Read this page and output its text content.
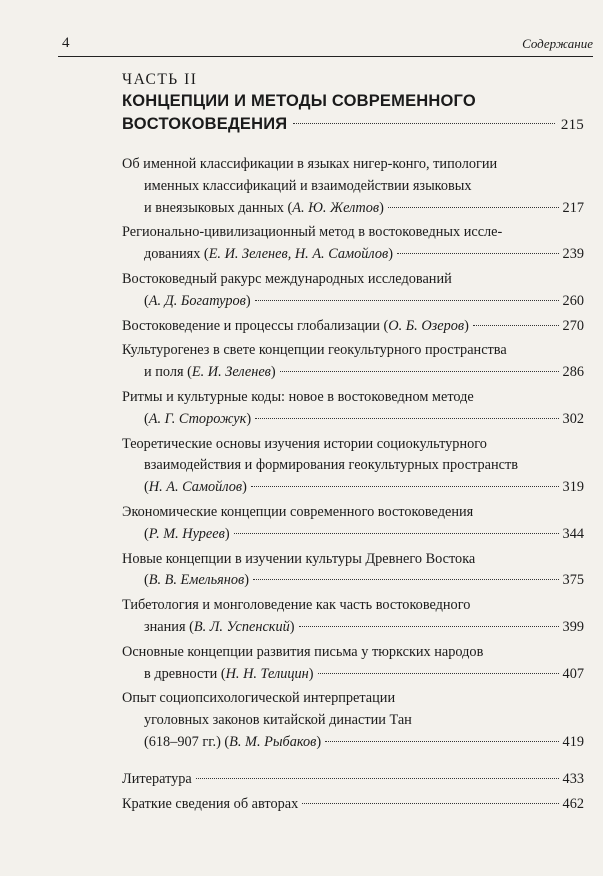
4	Содержание
ЧАСТЬ II
КОНЦЕПЦИИ И МЕТОДЫ СОВРЕМЕННОГО
ВОСТОКОВЕДЕНИЯ	215
Об именной классификации в языках нигер-конго, типологии
именных классификаций и взаимодействии языковых
и внеязыковых данных (А. Ю. Желтов)	217
Регионально-цивилизационный метод в востоковедных иссле-
дованиях (Е. И. Зеленев, Н. А. Самойлов)	239
Востоковедный ракурс международных исследований
(А. Д. Богатуров)	260
Востоковедение и процессы глобализации (О. Б. Озеров)	270
Культурогенез в свете концепции геокультурного пространства
и поля (Е. И. Зеленев)	286
Ритмы и культурные коды: новое в востоковедном методе
(А. Г. Сторожук)	302
Теоретические основы изучения истории социокультурного
взаимодействия и формирования геокультурных пространств
(Н. А. Самойлов)	319
Экономические концепции современного востоковедения
(Р. М. Нуреев)	344
Новые концепции в изучении культуры Древнего Востока
(В. В. Емельянов)	375
Тибетология и монголоведение как часть востоковедного
знания (В. Л. Успенский)	399
Основные концепции развития письма у тюркских народов
в древности (Н. Н. Телицин)	407
Опыт социопсихологической интерпретации
уголовных законов китайской династии Тан
(618–907 гг.) (В. М. Рыбаков)	419
Литература	433
Краткие сведения об авторах	462
